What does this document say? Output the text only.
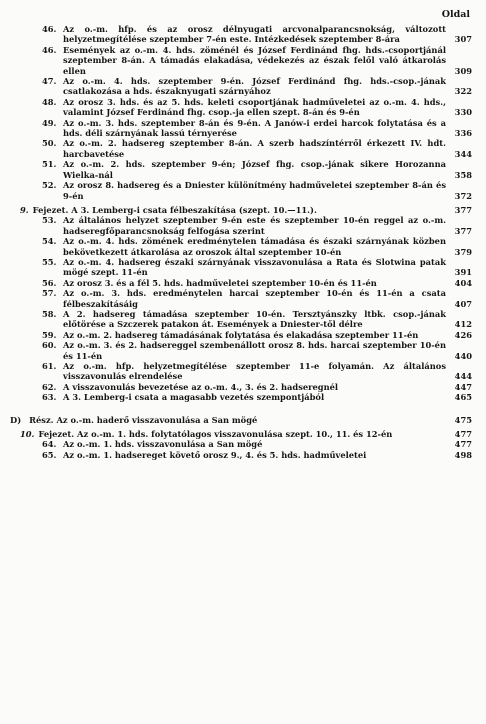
Oldal
46. Az o.-m. hfp. és az orosz délnyugati arcvonalparancsnokság, változott helyzetmegítélése szeptember 7-én este. Intézkedések szeptember 8-ára	307
46. Események az o.-m. 4. hds. zöménél és József Ferdinánd fhg. hds.-csoportjánál szeptember 8-án. A támadás elakadása, védekezés az észak felől való átkarolás ellen	309
47. Az o.-m. 4. hds. szeptember 9-én. József Ferdinánd fhg. hds.-csop.-jának csatlakozása a hds. északnyugati szárnyához	322
48. Az orosz 3. hds. és az 5. hds. keleti csoportjának hadműveletei az o.-m. 4. hds., valamint József Ferdinánd fhg. csop.-ja ellen szept. 8-án és 9-én	330
49. Az o.-m. 3. hds. szeptember 8-án és 9-én. A Janów-i erdei harcok folytatása és a hds. déli szárnyának lassú térnyerése	336
50. Az o.-m. 2. hadsereg szeptember 8-án. A szerb hadszíntérről érkezett IV. hdt. harcbavetése	344
51. Az o.-m. 2. hds. szeptember 9-én; József fhg. csop.-jának sikere Horozanna Wielka-nál	358
52. Az orosz 8. hadsereg és a Dniester különítmény hadműveletei szeptember 8-án és 9-én	372
9. Fejezet. A 3. Lemberg-i csata félbeszakítása (szept. 10.—11.).	377
53. Az általános helyzet szeptember 9-én este és szeptember 10-én reggel az o.-m. hadseregfőparancsnokság felfogása szerint	377
54. Az o.-m. 4. hds. zömének eredménytelen támadása és északi szárnyának közben bekövetkezett átkarolása az oroszok által szeptember 10-én	379
55. Az o.-m. 4. hadsereg északi szárnyának visszavonulása a Rata és Slotwina patak mögé szept. 11-én	391
56. Az orosz 3. és a fél 5. hds. hadműveletei szeptember 10-én és 11-én	404
57. Az o.-m. 3. hds. eredménytelen harcai szeptember 10-én és 11-én a csata félbeszakításáig	407
58. A 2. hadsereg támadása szeptember 10-én. Tersztyánszky ltbk. csop.-jának előtörése a Szczerek patakon át. Események a Dniester-től délre	412
59. Az o.-m. 2. hadsereg támadásának folytatása és elakadása szeptember 11-én	426
60. Az o.-m. 3. és 2. hadsereggel szembenállott orosz 8. hds. harcai szeptember 10-én és 11-én	440
61. Az o.-m. hfp. helyzetmegítélése szeptember 11-e folyamán. Az általános visszavonulás elrendelése	444
62. A visszavonulás bevezetése az o.-m. 4., 3. és 2. hadseregnél	447
63. A 3. Lemberg-i csata a magasabb vezetés szempontjából	465
D) Rész. Az o.-m. haderő visszavonulása a San mögé	475
10. Fejezet. Az o.-m. 1. hds. folytatólagos visszavonulása szept. 10., 11. és 12-én	477
64. Az o.-m. 1. hds. visszavonulása a San mögé	477
65. Az o.-m. 1. hadsereget követő orosz 9., 4. és 5. hds. hadműveletei	498
